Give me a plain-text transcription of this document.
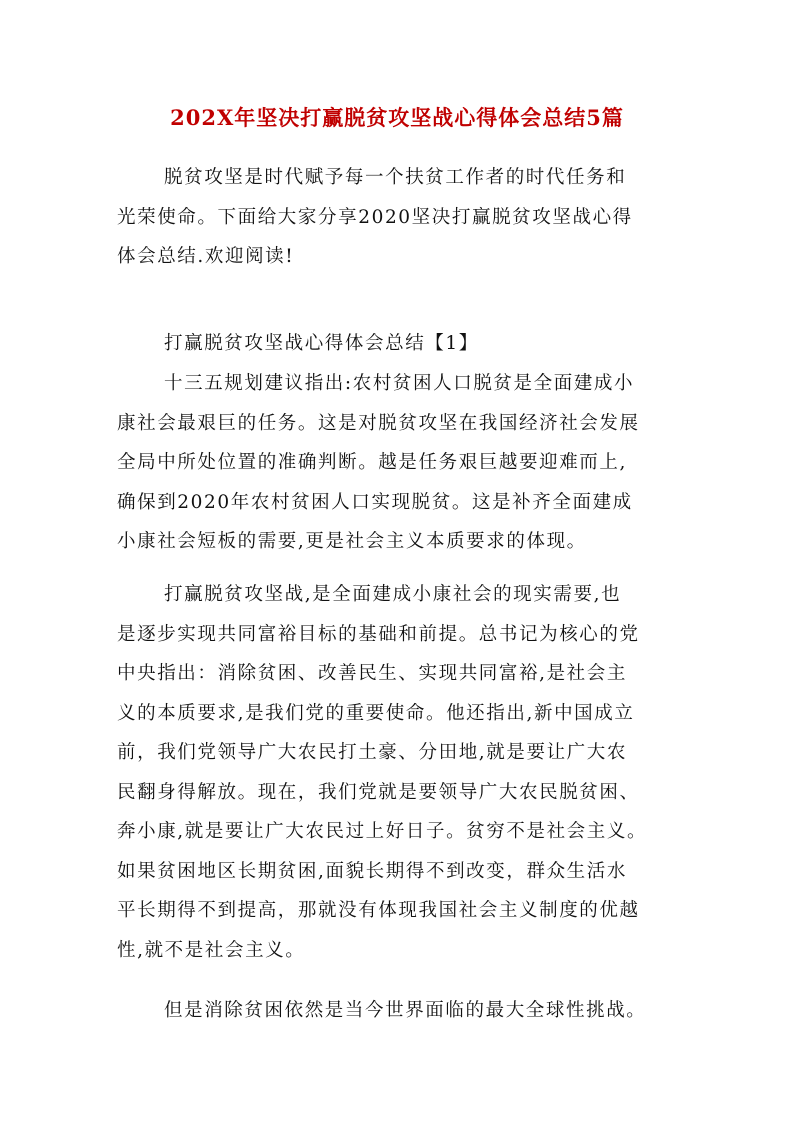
202X年坚决打赢脱贫攻坚战心得体会总结5篇

脱贫攻坚是时代赋予每一个扶贫工作者的时代任务和
光荣使命。下面给大家分享2020坚决打赢脱贫攻坚战心得
体会总结.欢迎阅读!

打赢脱贫攻坚战心得体会总结【1】

十三五规划建议指出:农村贫困人口脱贫是全面建成小
康社会最艰巨的任务。这是对脱贫攻坚在我国经济社会发展
全局中所处位置的准确判断。越是任务艰巨越要迎难而上,
确保到2020年农村贫困人口实现脱贫。这是补齐全面建成
小康社会短板的需要,更是社会主义本质要求的体现。

打赢脱贫攻坚战,是全面建成小康社会的现实需要,也
是逐步实现共同富裕目标的基础和前提。总书记为核心的党
中央指出：消除贫困、改善民生、实现共同富裕,是社会主
义的本质要求,是我们党的重要使命。他还指出,新中国成立
前，我们党领导广大农民打土豪、分田地,就是要让广大农
民翻身得解放。现在，我们党就是要领导广大农民脱贫困、
奔小康,就是要让广大农民过上好日子。贫穷不是社会主义。
如果贫困地区长期贫困,面貌长期得不到改变，群众生活水
平长期得不到提高，那就没有体现我国社会主义制度的优越
性,就不是社会主义。

但是消除贫困依然是当今世界面临的最大全球性挑战。
